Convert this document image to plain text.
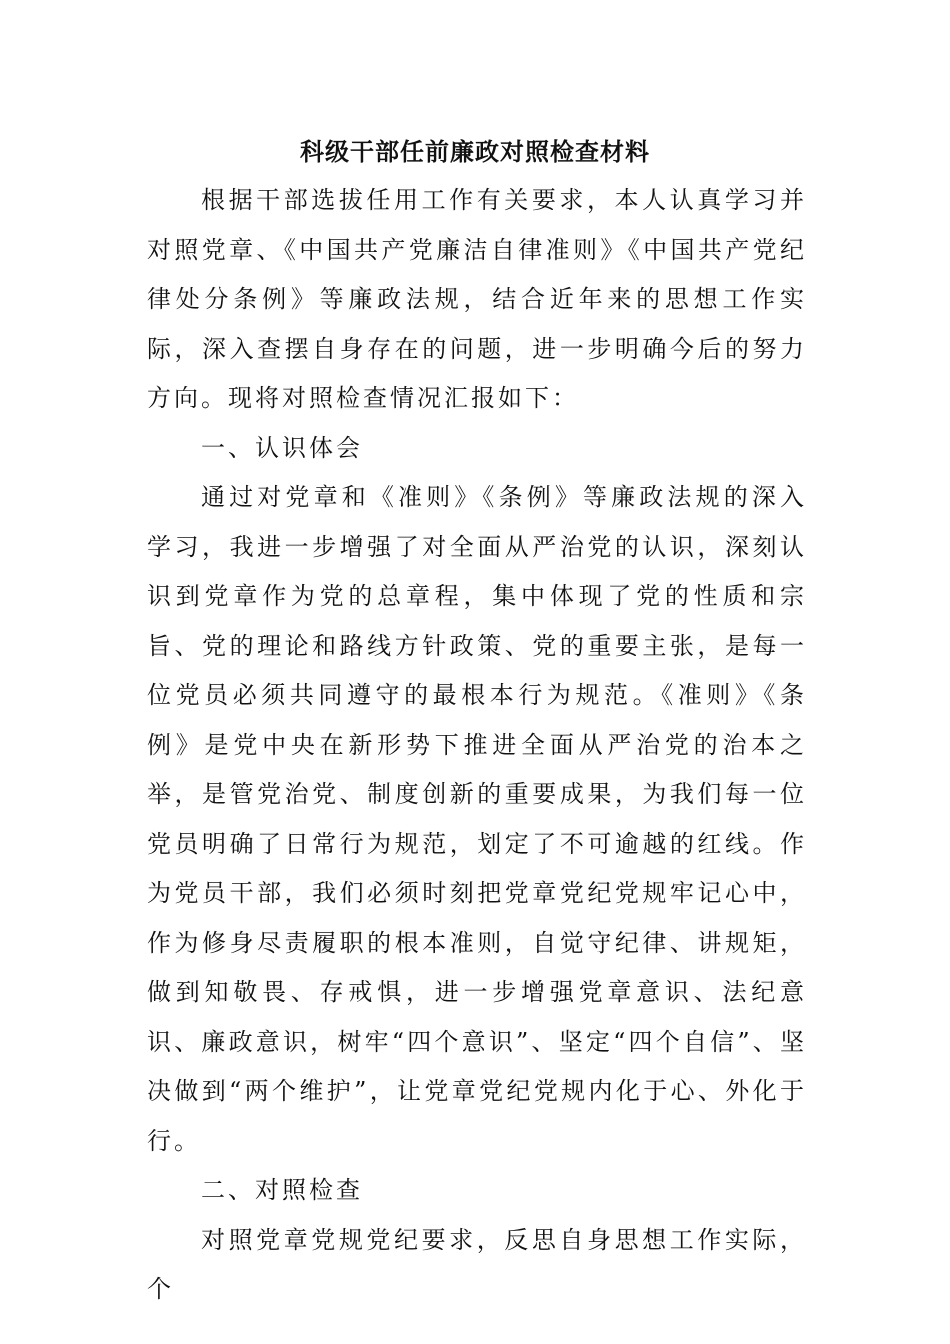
科级干部任前廉政对照检查材料

根据干部选拔任用工作有关要求，本人认真学习并对照党章、《中国共产党廉洁自律准则》《中国共产党纪律处分条例》等廉政法规，结合近年来的思想工作实际，深入查摆自身存在的问题，进一步明确今后的努力方向。现将对照检查情况汇报如下：

一、认识体会

通过对党章和《准则》《条例》等廉政法规的深入学习，我进一步增强了对全面从严治党的认识，深刻认识到党章作为党的总章程，集中体现了党的性质和宗旨、党的理论和路线方针政策、党的重要主张，是每一位党员必须共同遵守的最根本行为规范。《准则》《条例》是党中央在新形势下推进全面从严治党的治本之举，是管党治党、制度创新的重要成果，为我们每一位党员明确了日常行为规范，划定了不可逾越的红线。作为党员干部，我们必须时刻把党章党纪党规牢记心中，作为修身尽责履职的根本准则，自觉守纪律、讲规矩，做到知敬畏、存戒惧，进一步增强党章意识、法纪意识、廉政意识，树牢“四个意识”、坚定“四个自信”、坚决做到“两个维护”，让党章党纪党规内化于心、外化于行。

二、对照检查

对照党章党规党纪要求，反思自身思想工作实际，个
